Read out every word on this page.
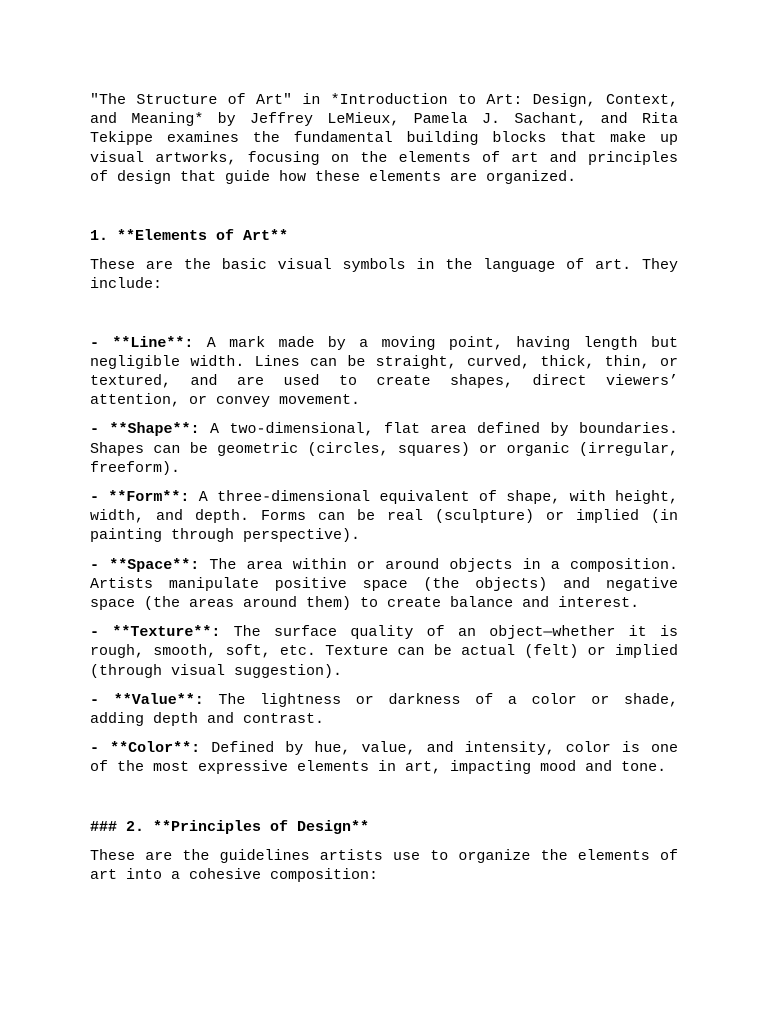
"The Structure of Art" in *Introduction to Art: Design, Context, and Meaning* by Jeffrey LeMieux, Pamela J. Sachant, and Rita Tekippe examines the fundamental building blocks that make up visual artworks, focusing on the elements of art and principles of design that guide how these elements are organized.

1. **Elements of Art**

These are the basic visual symbols in the language of art. They include:

- **Line**: A mark made by a moving point, having length but negligible width. Lines can be straight, curved, thick, thin, or textured, and are used to create shapes, direct viewers’ attention, or convey movement.

- **Shape**: A two-dimensional, flat area defined by boundaries. Shapes can be geometric (circles, squares) or organic (irregular, freeform).

- **Form**: A three-dimensional equivalent of shape, with height, width, and depth. Forms can be real (sculpture) or implied (in painting through perspective).

- **Space**: The area within or around objects in a composition. Artists manipulate positive space (the objects) and negative space (the areas around them) to create balance and interest.

- **Texture**: The surface quality of an object—whether it is rough, smooth, soft, etc. Texture can be actual (felt) or implied (through visual suggestion).

- **Value**: The lightness or darkness of a color or shade, adding depth and contrast.

- **Color**: Defined by hue, value, and intensity, color is one of the most expressive elements in art, impacting mood and tone.

### 2. **Principles of Design**

These are the guidelines artists use to organize the elements of art into a cohesive composition:
